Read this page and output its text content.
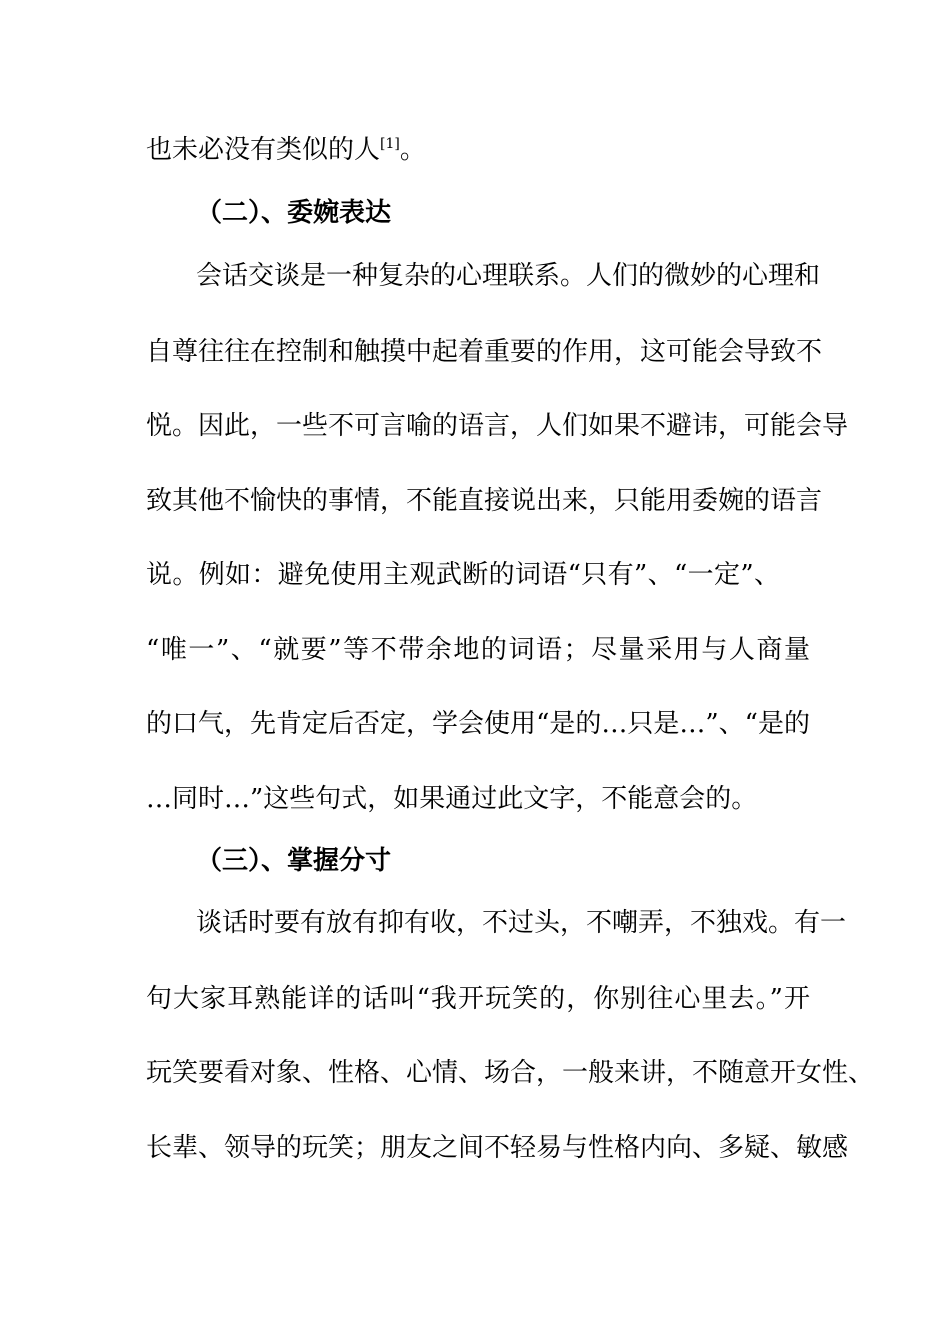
也未必没有类似的人[1]。
（二）、委婉表达
会话交谈是一种复杂的心理联系。人们的微妙的心理和
自尊往往在控制和触摸中起着重要的作用，这可能会导致不
悦。因此，一些不可言喻的语言，人们如果不避讳，可能会导
致其他不愉快的事情，不能直接说出来，只能用委婉的语言
说。例如：避免使用主观武断的词语“只有”、“一定”、
“唯一”、“就要”等不带余地的词语；尽量采用与人商量
的口气，先肯定后否定，学会使用“是的…只是…”、“是的
…同时…”这些句式，如果通过此文字，不能意会的。
（三）、掌握分寸
谈话时要有放有抑有收，不过头，不嘲弄，不独戏。有一
句大家耳熟能详的话叫“我开玩笑的，你别往心里去。”开
玩笑要看对象、性格、心情、场合，一般来讲，不随意开女性、
长辈、领导的玩笑；朋友之间不轻易与性格内向、多疑、敏感
